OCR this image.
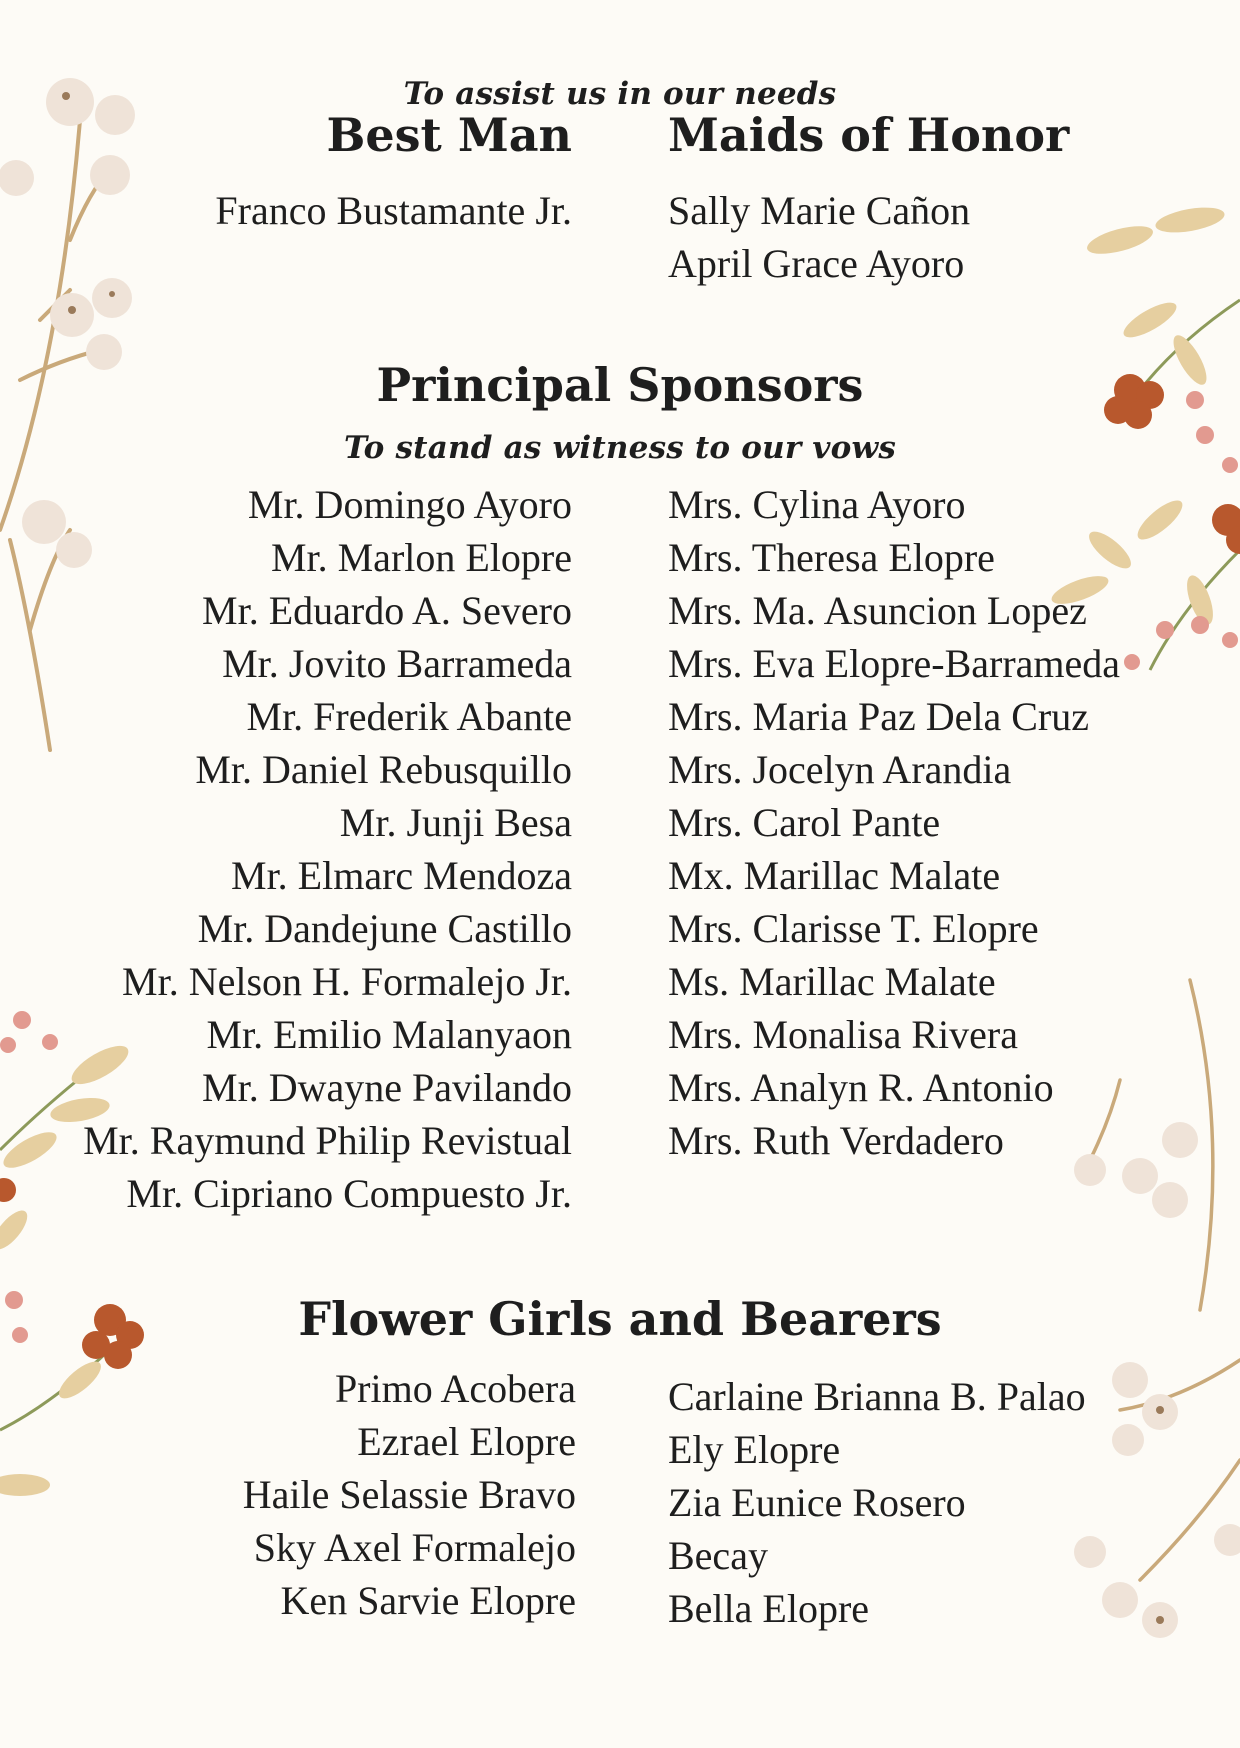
To assist us in our needs
Best Man
Franco Bustamante Jr.
Maids of Honor
Sally Marie Cañon
April Grace Ayoro
Principal Sponsors
To stand as witness to our vows
Mr. Domingo Ayoro
Mr. Marlon Elopre
Mr. Eduardo A. Severo
Mr. Jovito Barrameda
Mr. Frederik Abante
Mr. Daniel Rebusquillo
Mr. Junji Besa
Mr. Elmarc Mendoza
Mr. Dandejune Castillo
Mr. Nelson H. Formalejo Jr.
Mr. Emilio Malanyaon
Mr. Dwayne Pavilando
Mr. Raymund Philip Revistual
Mr. Cipriano Compuesto Jr.
Mrs. Cylina Ayoro
Mrs. Theresa Elopre
Mrs. Ma. Asuncion Lopez
Mrs. Eva Elopre-Barrameda
Mrs. Maria Paz Dela Cruz
Mrs. Jocelyn Arandia
Mrs. Carol Pante
Mx. Marillac Malate
Mrs. Clarisse T. Elopre
Ms. Marillac Malate
Mrs. Monalisa Rivera
Mrs. Analyn R. Antonio
Mrs. Ruth Verdadero
Flower Girls and Bearers
Primo Acobera
Ezrael Elopre
Haile Selassie Bravo
Sky Axel Formalejo
Ken Sarvie Elopre
Carlaine Brianna B. Palao
Ely Elopre
Zia Eunice Rosero
Becay
Bella Elopre
